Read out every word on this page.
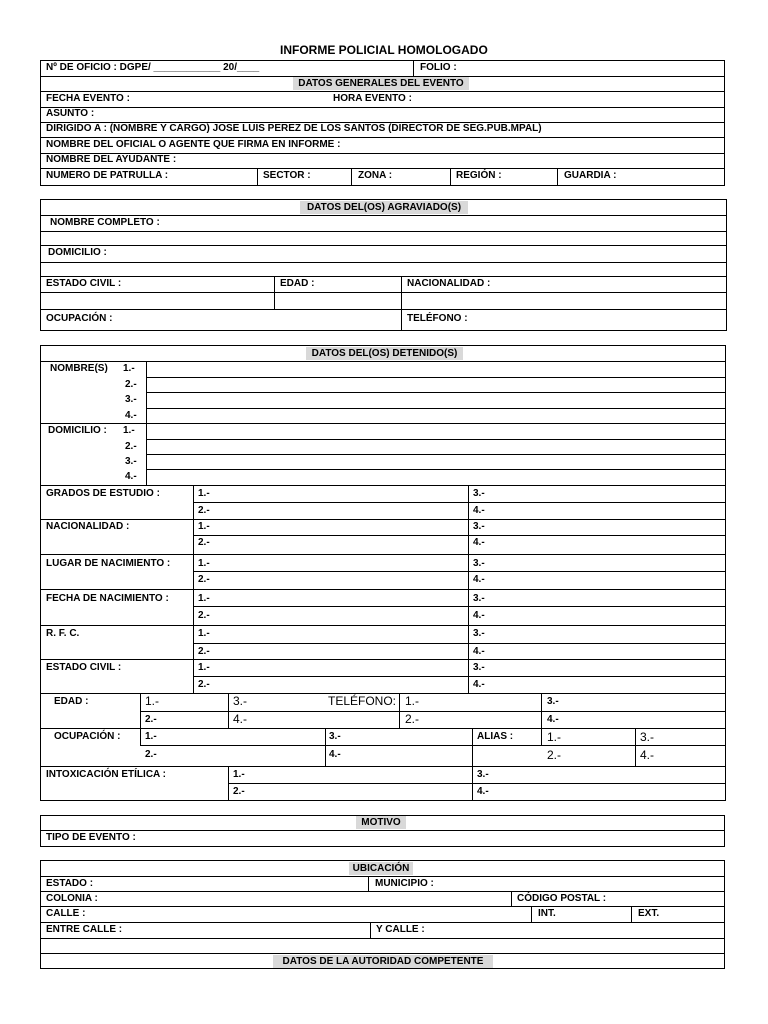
INFORME POLICIAL HOMOLOGADO
Nº DE OFICIO : DGPE/ ____________ 20/____	FOLIO :
DATOS GENERALES DEL EVENTO
FECHA EVENTO :	HORA EVENTO :
ASUNTO :
DIRIGIDO A : (NOMBRE Y CARGO) JOSE LUIS PEREZ DE LOS SANTOS (DIRECTOR DE SEG.PUB.MPAL)
NOMBRE DEL OFICIAL O AGENTE QUE FIRMA EN INFORME :
NOMBRE DEL AYUDANTE :
NUMERO DE PATRULLA :	SECTOR :	ZONA :	REGIÓN :	GUARDIA :
DATOS DEL(OS) AGRAVIADO(S)
NOMBRE COMPLETO :
DOMICILIO :
ESTADO CIVIL :	EDAD :	NACIONALIDAD :
OCUPACIÓN :	TELÉFONO :
DATOS DEL(OS) DETENIDO(S)
NOMBRE(S) 1.-
2.-
3.-
4.-
DOMICILIO : 1.-
2.-
3.-
4.-
GRADOS DE ESTUDIO :	1.-	3.-
2.-	4.-
NACIONALIDAD :	1.-	3.-
2.-	4.-
LUGAR DE NACIMIENTO :	1.-	3.-
2.-	4.-
FECHA DE NACIMIENTO :	1.-	3.-
2.-	4.-
R. F. C.	1.-	3.-
2.-	4.-
ESTADO CIVIL :	1.-	3.-
2.-	4.-
EDAD :	1.-	3.-	TELÉFONO: 1.-	3.-
2.-	4.-	2.-	4.-
OCUPACIÓN : 1.-	3.-	ALIAS :	1.-	3.-
2.-	4.-	2.-	4.-
INTOXICACIÓN ETÍLICA :	1.-	3.-
2.-	4.-
MOTIVO
TIPO DE EVENTO :
UBICACIÓN
ESTADO :	MUNICIPIO :
COLONIA :	CÓDIGO POSTAL :
CALLE :	INT.	EXT.
ENTRE CALLE :	Y CALLE :
DATOS DE LA AUTORIDAD COMPETENTE
